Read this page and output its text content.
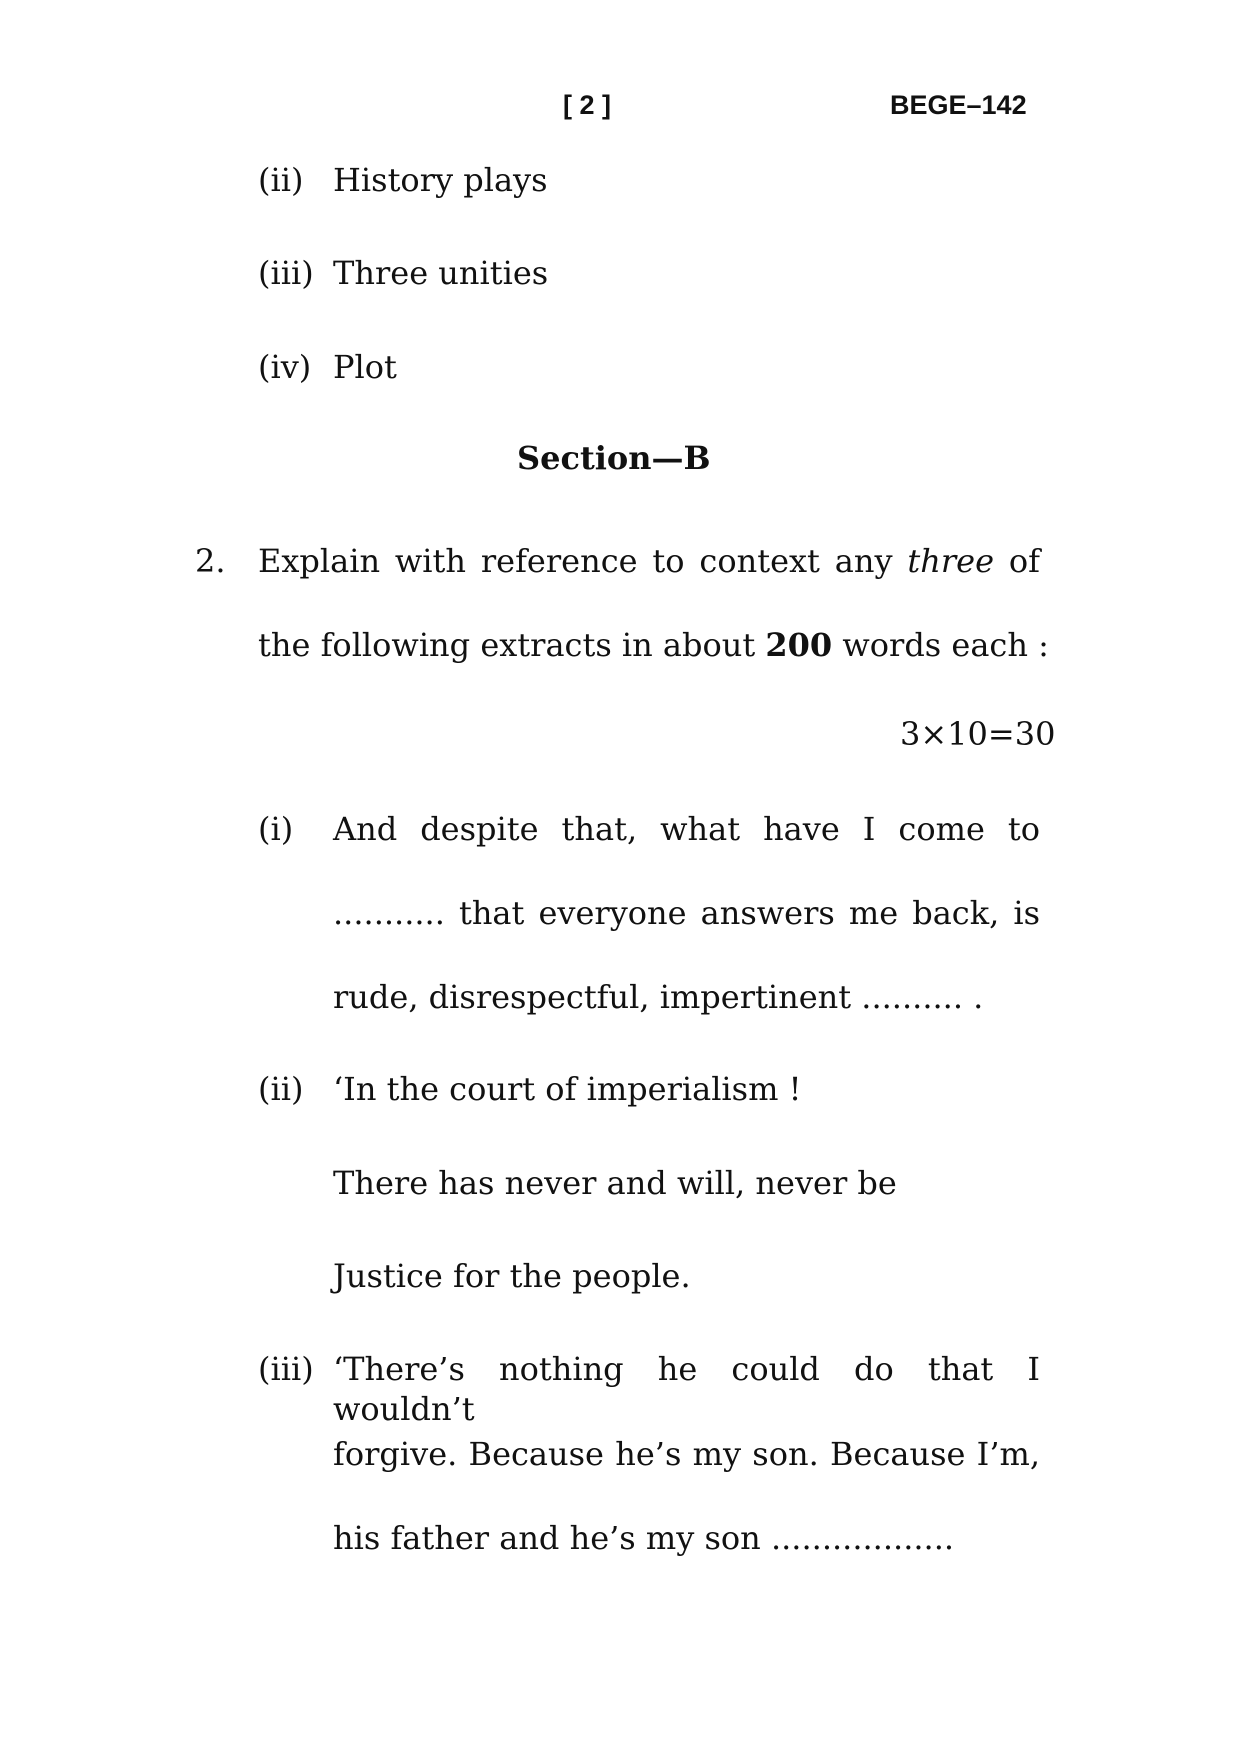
[ 2 ]	BEGE–142
(ii) History plays
(iii) Three unities
(iv) Plot
Section—B
2. Explain with reference to context any three of
the following extracts in about 200 words each :
3×10=30
(i) And despite that, what have I come to
........... that everyone answers me back, is
rude, disrespectful, impertinent .......... .
(ii) ‘In the court of imperialism !
There has never and will, never be
Justice for the people.
(iii) ‘There’s nothing he could do that I wouldn’t
forgive. Because he’s my son. Because I’m,
his father and he’s my son ..................
